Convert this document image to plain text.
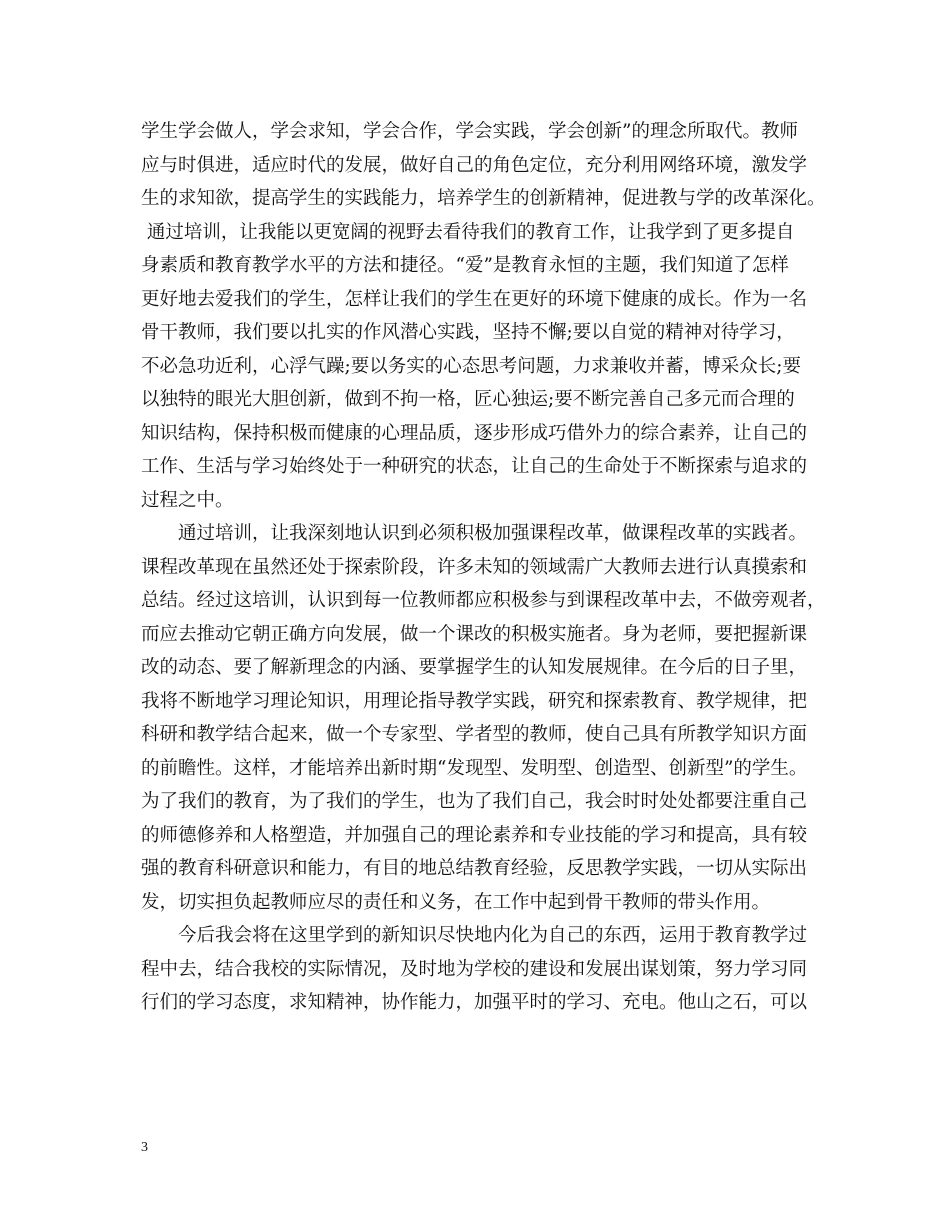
学生学会做人，学会求知，学会合作，学会实践，学会创新”的理念所取代。教师
应与时俱进，适应时代的发展，做好自己的角色定位，充分利用网络环境，激发学
生的求知欲，提高学生的实践能力，培养学生的创新精神，促进教与学的改革深化。
通过培训，让我能以更宽阔的视野去看待我们的教育工作，让我学到了更多提自
身素质和教育教学水平的方法和捷径。“爱”是教育永恒的主题，我们知道了怎样
更好地去爱我们的学生，怎样让我们的学生在更好的环境下健康的成长。作为一名
骨干教师，我们要以扎实的作风潜心实践，坚持不懈;要以自觉的精神对待学习，
不必急功近利，心浮气躁;要以务实的心态思考问题，力求兼收并蓄，博采众长;要
以独特的眼光大胆创新，做到不拘一格，匠心独运;要不断完善自己多元而合理的
知识结构，保持积极而健康的心理品质，逐步形成巧借外力的综合素养，让自己的
工作、生活与学习始终处于一种研究的状态，让自己的生命处于不断探索与追求的
过程之中。
　　通过培训，让我深刻地认识到必须积极加强课程改革，做课程改革的实践者。
课程改革现在虽然还处于探索阶段，许多未知的领域需广大教师去进行认真摸索和
总结。经过这培训，认识到每一位教师都应积极参与到课程改革中去，不做旁观者，
而应去推动它朝正确方向发展，做一个课改的积极实施者。身为老师，要把握新课
改的动态、要了解新理念的内涵、要掌握学生的认知发展规律。在今后的日子里，
我将不断地学习理论知识，用理论指导教学实践，研究和探索教育、教学规律，把
科研和教学结合起来，做一个专家型、学者型的教师，使自己具有所教学知识方面
的前瞻性。这样，才能培养出新时期“发现型、发明型、创造型、创新型”的学生。
为了我们的教育，为了我们的学生，也为了我们自己，我会时时处处都要注重自己
的师德修养和人格塑造，并加强自己的理论素养和专业技能的学习和提高，具有较
强的教育科研意识和能力，有目的地总结教育经验，反思教学实践，一切从实际出
发，切实担负起教师应尽的责任和义务，在工作中起到骨干教师的带头作用。
　　今后我会将在这里学到的新知识尽快地内化为自己的东西，运用于教育教学过
程中去，结合我校的实际情况，及时地为学校的建设和发展出谋划策，努力学习同
行们的学习态度，求知精神，协作能力，加强平时的学习、充电。他山之石，可以
3
